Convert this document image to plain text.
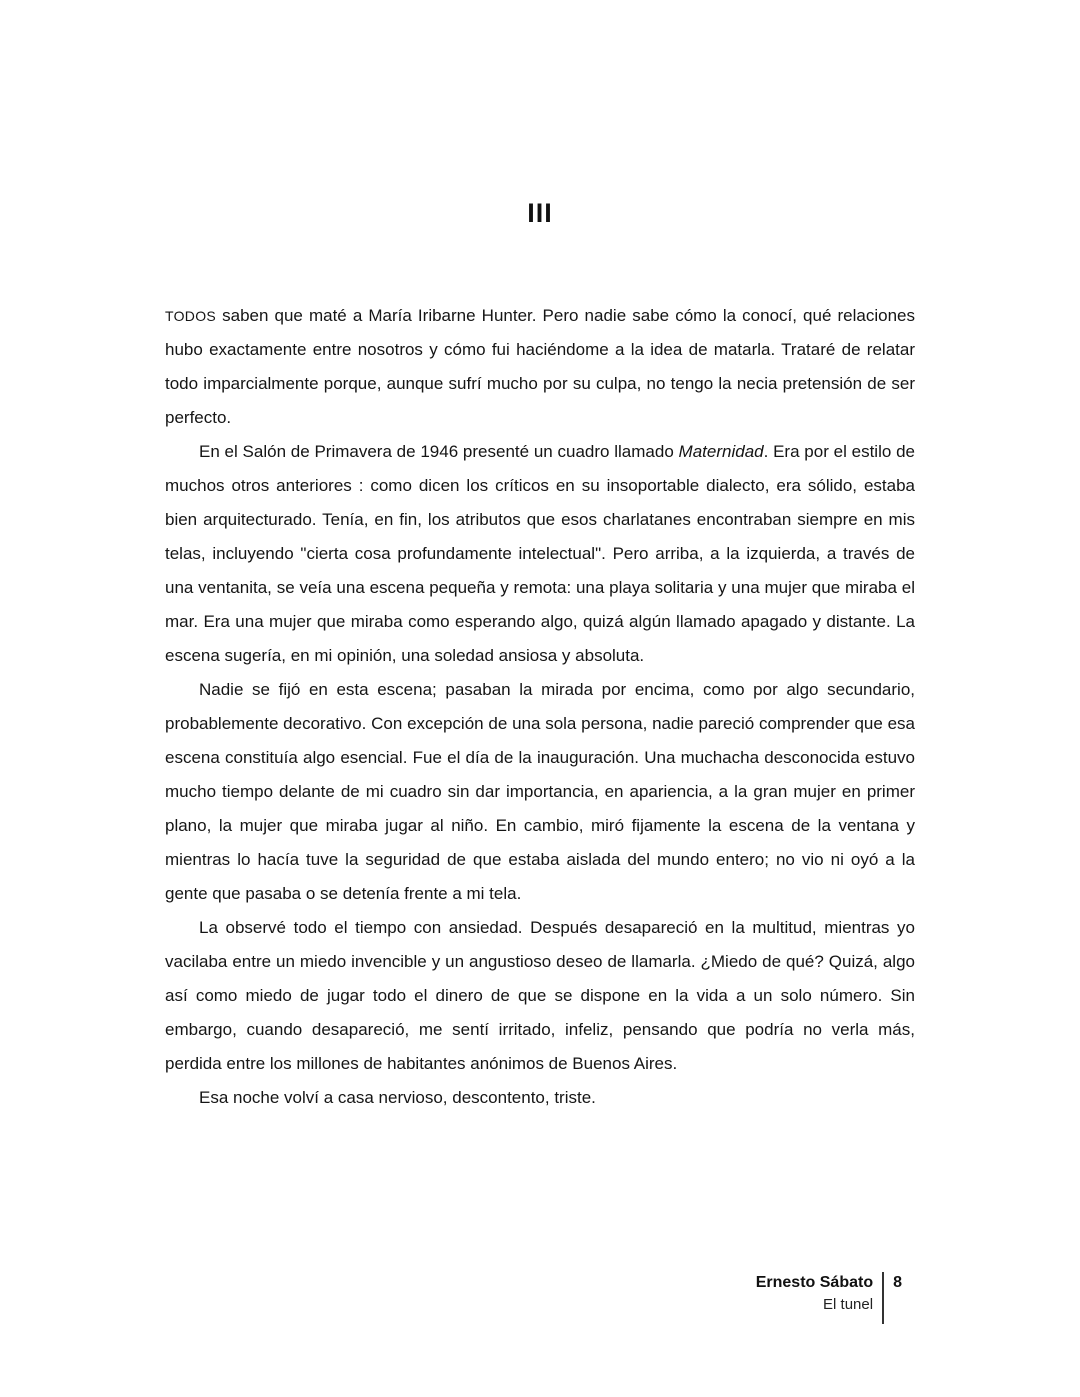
III

TODOS saben que maté a María Iribarne Hunter. Pero nadie sabe cómo la conocí, qué relaciones hubo exactamente entre nosotros y cómo fui haciéndome a la idea de matarla. Trataré de relatar todo imparcialmente porque, aunque sufrí mucho por su culpa, no tengo la necia pretensión de ser perfecto.

En el Salón de Primavera de 1946 presenté un cuadro llamado Maternidad. Era por el estilo de muchos otros anteriores : como dicen los críticos en su insoportable dialecto, era sólido, estaba bien arquitecturado. Tenía, en fin, los atributos que esos charlatanes encontraban siempre en mis telas, incluyendo "cierta cosa profundamente intelectual". Pero arriba, a la izquierda, a través de una ventanita, se veía una escena pequeña y remota: una playa solitaria y una mujer que miraba el mar. Era una mujer que miraba como esperando algo, quizá algún llamado apagado y distante. La escena sugería, en mi opinión, una soledad ansiosa y absoluta.

Nadie se fijó en esta escena; pasaban la mirada por encima, como por algo secundario, probablemente decorativo. Con excepción de una sola persona, nadie pareció comprender que esa escena constituía algo esencial. Fue el día de la inauguración. Una muchacha desconocida estuvo mucho tiempo delante de mi cuadro sin dar importancia, en apariencia, a la gran mujer en primer plano, la mujer que miraba jugar al niño. En cambio, miró fijamente la escena de la ventana y mientras lo hacía tuve la seguridad de que estaba aislada del mundo entero; no vio ni oyó a la gente que pasaba o se detenía frente a mi tela.

La observé todo el tiempo con ansiedad. Después desapareció en la multitud, mientras yo vacilaba entre un miedo invencible y un angustioso deseo de llamarla. ¿Miedo de qué? Quizá, algo así como miedo de jugar todo el dinero de que se dispone en la vida a un solo número. Sin embargo, cuando desapareció, me sentí irritado, infeliz, pensando que podría no verla más, perdida entre los millones de habitantes anónimos de Buenos Aires.

Esa noche volví a casa nervioso, descontento, triste.

Ernesto Sábato
El tunel
8
